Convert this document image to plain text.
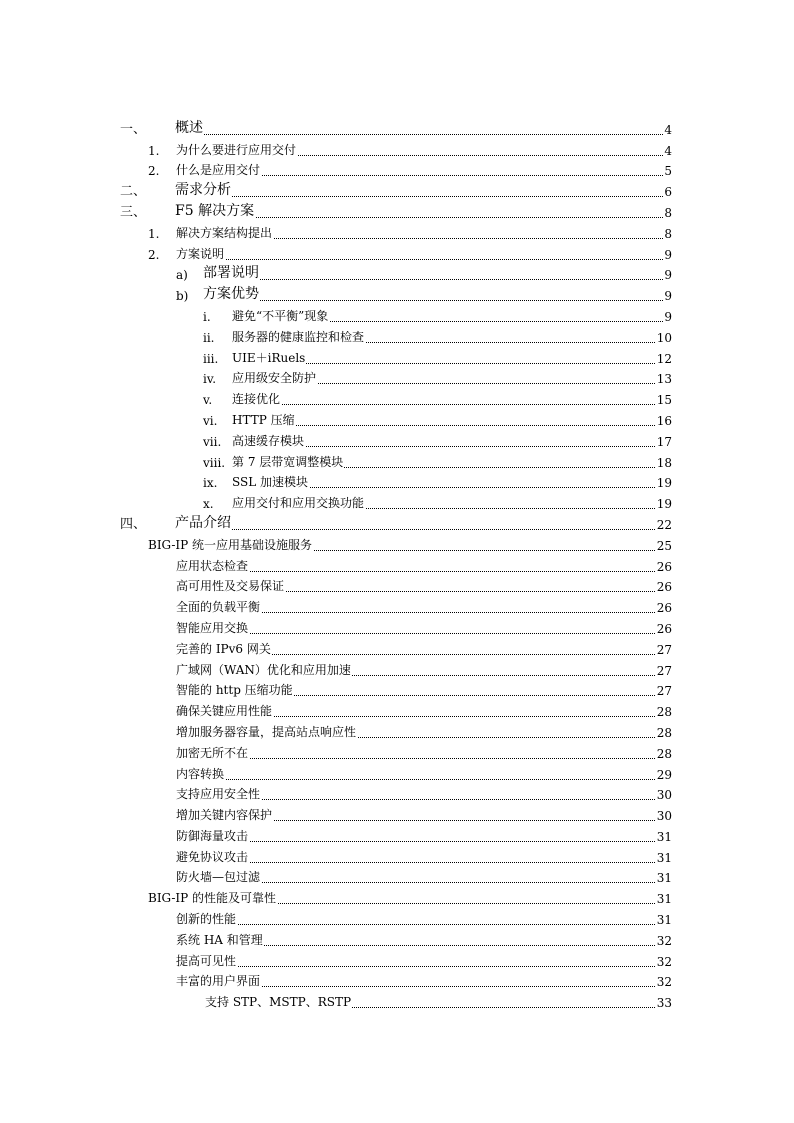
一、 概述	4
1. 为什么要进行应用交付	4
2. 什么是应用交付	5
二、 需求分析	6
三、 F5 解决方案	8
1. 解决方案结构提出	8
2. 方案说明	9
a) 部署说明	9
b) 方案优势	9
i. 避免“不平衡”现象	9
ii. 服务器的健康监控和检查	10
iii. UIE＋iRuels	12
iv. 应用级安全防护	13
v. 连接优化	15
vi. HTTP 压缩	16
vii. 高速缓存模块	17
viii. 第 7 层带宽调整模块	18
ix. SSL 加速模块	19
x. 应用交付和应用交换功能	19
四、 产品介绍	22
BIG-IP 统一应用基础设施服务	25
应用状态检查	26
高可用性及交易保证	26
全面的负载平衡	26
智能应用交换	26
完善的 IPv6 网关	27
广域网（WAN）优化和应用加速	27
智能的 http 压缩功能	27
确保关键应用性能	28
增加服务器容量，提高站点响应性	28
加密无所不在	28
内容转换	29
支持应用安全性	30
增加关键内容保护	30
防御海量攻击	31
避免协议攻击	31
防火墙—包过滤	31
BIG-IP 的性能及可靠性	31
创新的性能	31
系统 HA 和管理	32
提高可见性	32
丰富的用户界面	32
支持 STP、MSTP、RSTP	33
